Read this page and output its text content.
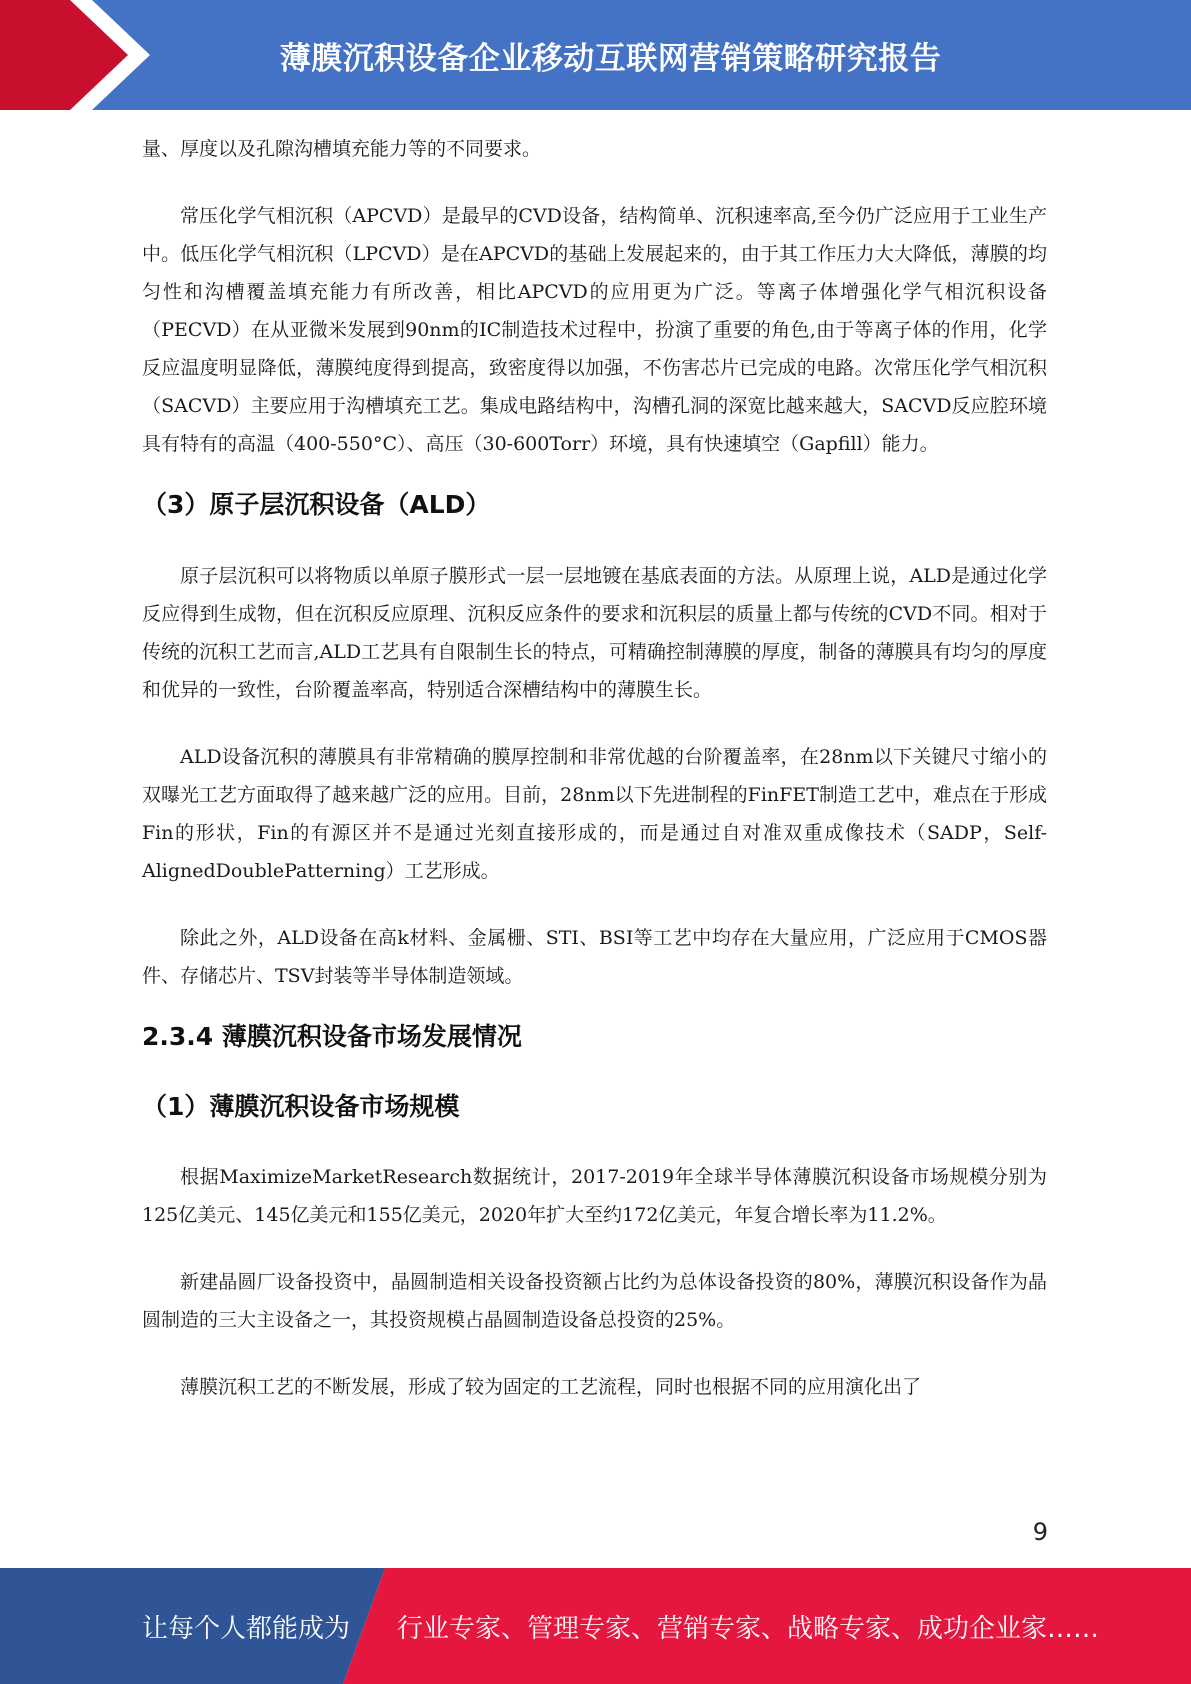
薄膜沉积设备企业移动互联网营销策略研究报告

量、厚度以及孔隙沟槽填充能力等的不同要求。

常压化学气相沉积（APCVD）是最早的CVD设备，结构简单、沉积速率高,至今仍广泛应用于工业生产中。低压化学气相沉积（LPCVD）是在APCVD的基础上发展起来的，由于其工作压力大大降低，薄膜的均匀性和沟槽覆盖填充能力有所改善，相比APCVD的应用更为广泛。等离子体增强化学气相沉积设备（PECVD）在从亚微米发展到90nm的IC制造技术过程中，扮演了重要的角色,由于等离子体的作用，化学反应温度明显降低，薄膜纯度得到提高，致密度得以加强，不伤害芯片已完成的电路。次常压化学气相沉积（SACVD）主要应用于沟槽填充工艺。集成电路结构中，沟槽孔洞的深宽比越来越大，SACVD反应腔环境具有特有的高温（400-550°C）、高压（30-600Torr）环境，具有快速填空（Gapfill）能力。

（3）原子层沉积设备（ALD）

原子层沉积可以将物质以单原子膜形式一层一层地镀在基底表面的方法。从原理上说，ALD是通过化学反应得到生成物，但在沉积反应原理、沉积反应条件的要求和沉积层的质量上都与传统的CVD不同。相对于传统的沉积工艺而言,ALD工艺具有自限制生长的特点，可精确控制薄膜的厚度，制备的薄膜具有均匀的厚度和优异的一致性，台阶覆盖率高，特别适合深槽结构中的薄膜生长。

ALD设备沉积的薄膜具有非常精确的膜厚控制和非常优越的台阶覆盖率，在28nm以下关键尺寸缩小的双曝光工艺方面取得了越来越广泛的应用。目前，28nm以下先进制程的FinFET制造工艺中，难点在于形成Fin的形状，Fin的有源区并不是通过光刻直接形成的，而是通过自对准双重成像技术（SADP，Self-AlignedDoublePatterning）工艺形成。

除此之外，ALD设备在高k材料、金属栅、STI、BSI等工艺中均存在大量应用，广泛应用于CMOS器件、存储芯片、TSV封装等半导体制造领域。

2.3.4 薄膜沉积设备市场发展情况
（1）薄膜沉积设备市场规模

根据MaximizeMarketResearch数据统计，2017-2019年全球半导体薄膜沉积设备市场规模分别为125亿美元、145亿美元和155亿美元，2020年扩大至约172亿美元，年复合增长率为11.2%。

新建晶圆厂设备投资中，晶圆制造相关设备投资额占比约为总体设备投资的80%，薄膜沉积设备作为晶圆制造的三大主设备之一，其投资规模占晶圆制造设备总投资的25%。

薄膜沉积工艺的不断发展，形成了较为固定的工艺流程，同时也根据不同的应用演化出了

9
让每个人都能成为 行业专家、管理专家、营销专家、战略专家、成功企业家……
